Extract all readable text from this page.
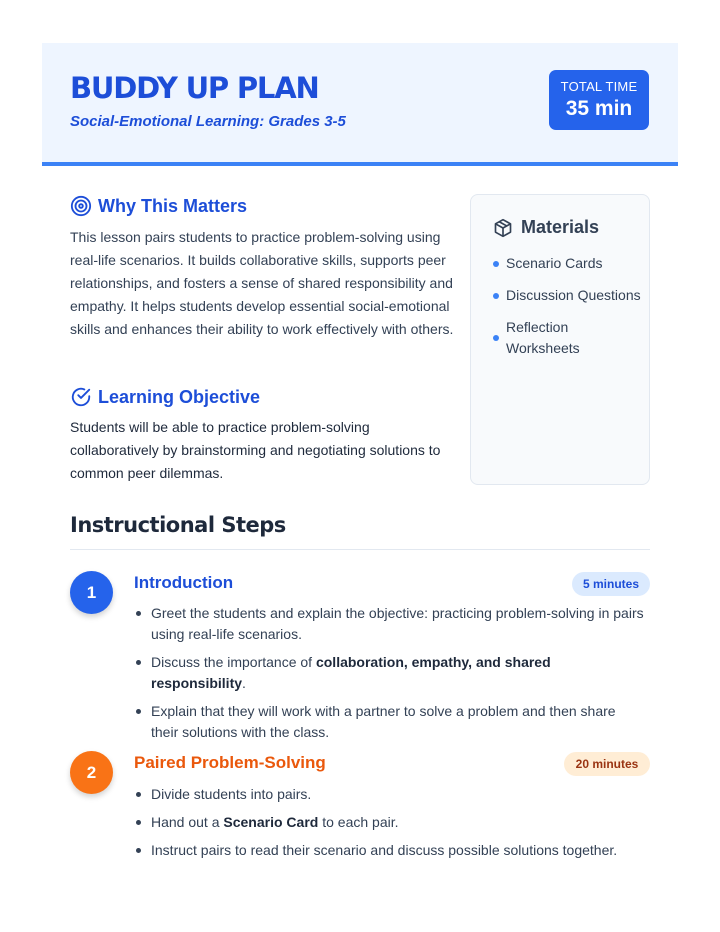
BUDDY UP PLAN
Social-Emotional Learning: Grades 3-5
TOTAL TIME
35 min
Why This Matters
This lesson pairs students to practice problem-solving using real-life scenarios. It builds collaborative skills, supports peer relationships, and fosters a sense of shared responsibility and empathy. It helps students develop essential social-emotional skills and enhances their ability to work effectively with others.
Learning Objective
Students will be able to practice problem-solving collaboratively by brainstorming and negotiating solutions to common peer dilemmas.
Materials
Scenario Cards
Discussion Questions
Reflection Worksheets
Instructional Steps
1
Introduction	5 minutes
Greet the students and explain the objective: practicing problem-solving in pairs using real-life scenarios.
Discuss the importance of collaboration, empathy, and shared responsibility.
Explain that they will work with a partner to solve a problem and then share their solutions with the class.
2
Paired Problem-Solving	20 minutes
Divide students into pairs.
Hand out a Scenario Card to each pair.
Instruct pairs to read their scenario and discuss possible solutions together.
